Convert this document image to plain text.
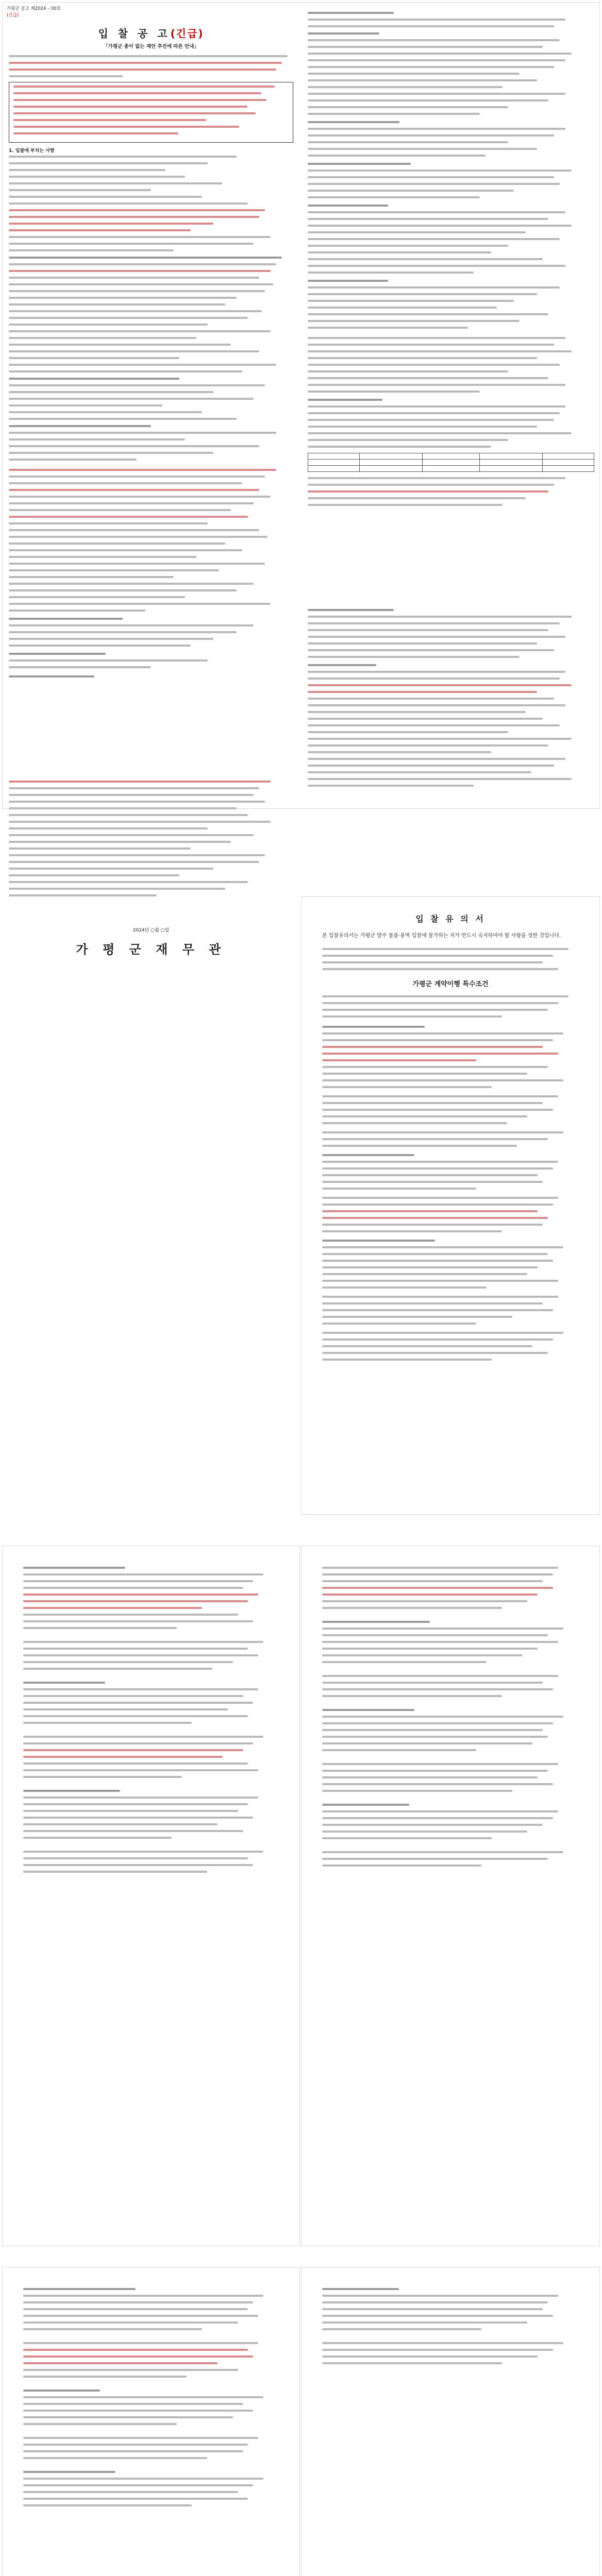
가평군 공고 제2024 – 00호
(긴급)
입 찰 공 고(긴급)
「가평군 종이 없는 제안 추진에 따른 안내」
1. 입찰에 부치는 사항
2024년 ○월 ○일
가 평 군 재 무 관

입 찰 유 의 서
본 입찰유의서는 가평군 발주 물품·용역 입찰에 참가하는 자가 반드시 숙지하여야 할 사항을 정한 것입니다.
가평군 계약이행 특수조건
